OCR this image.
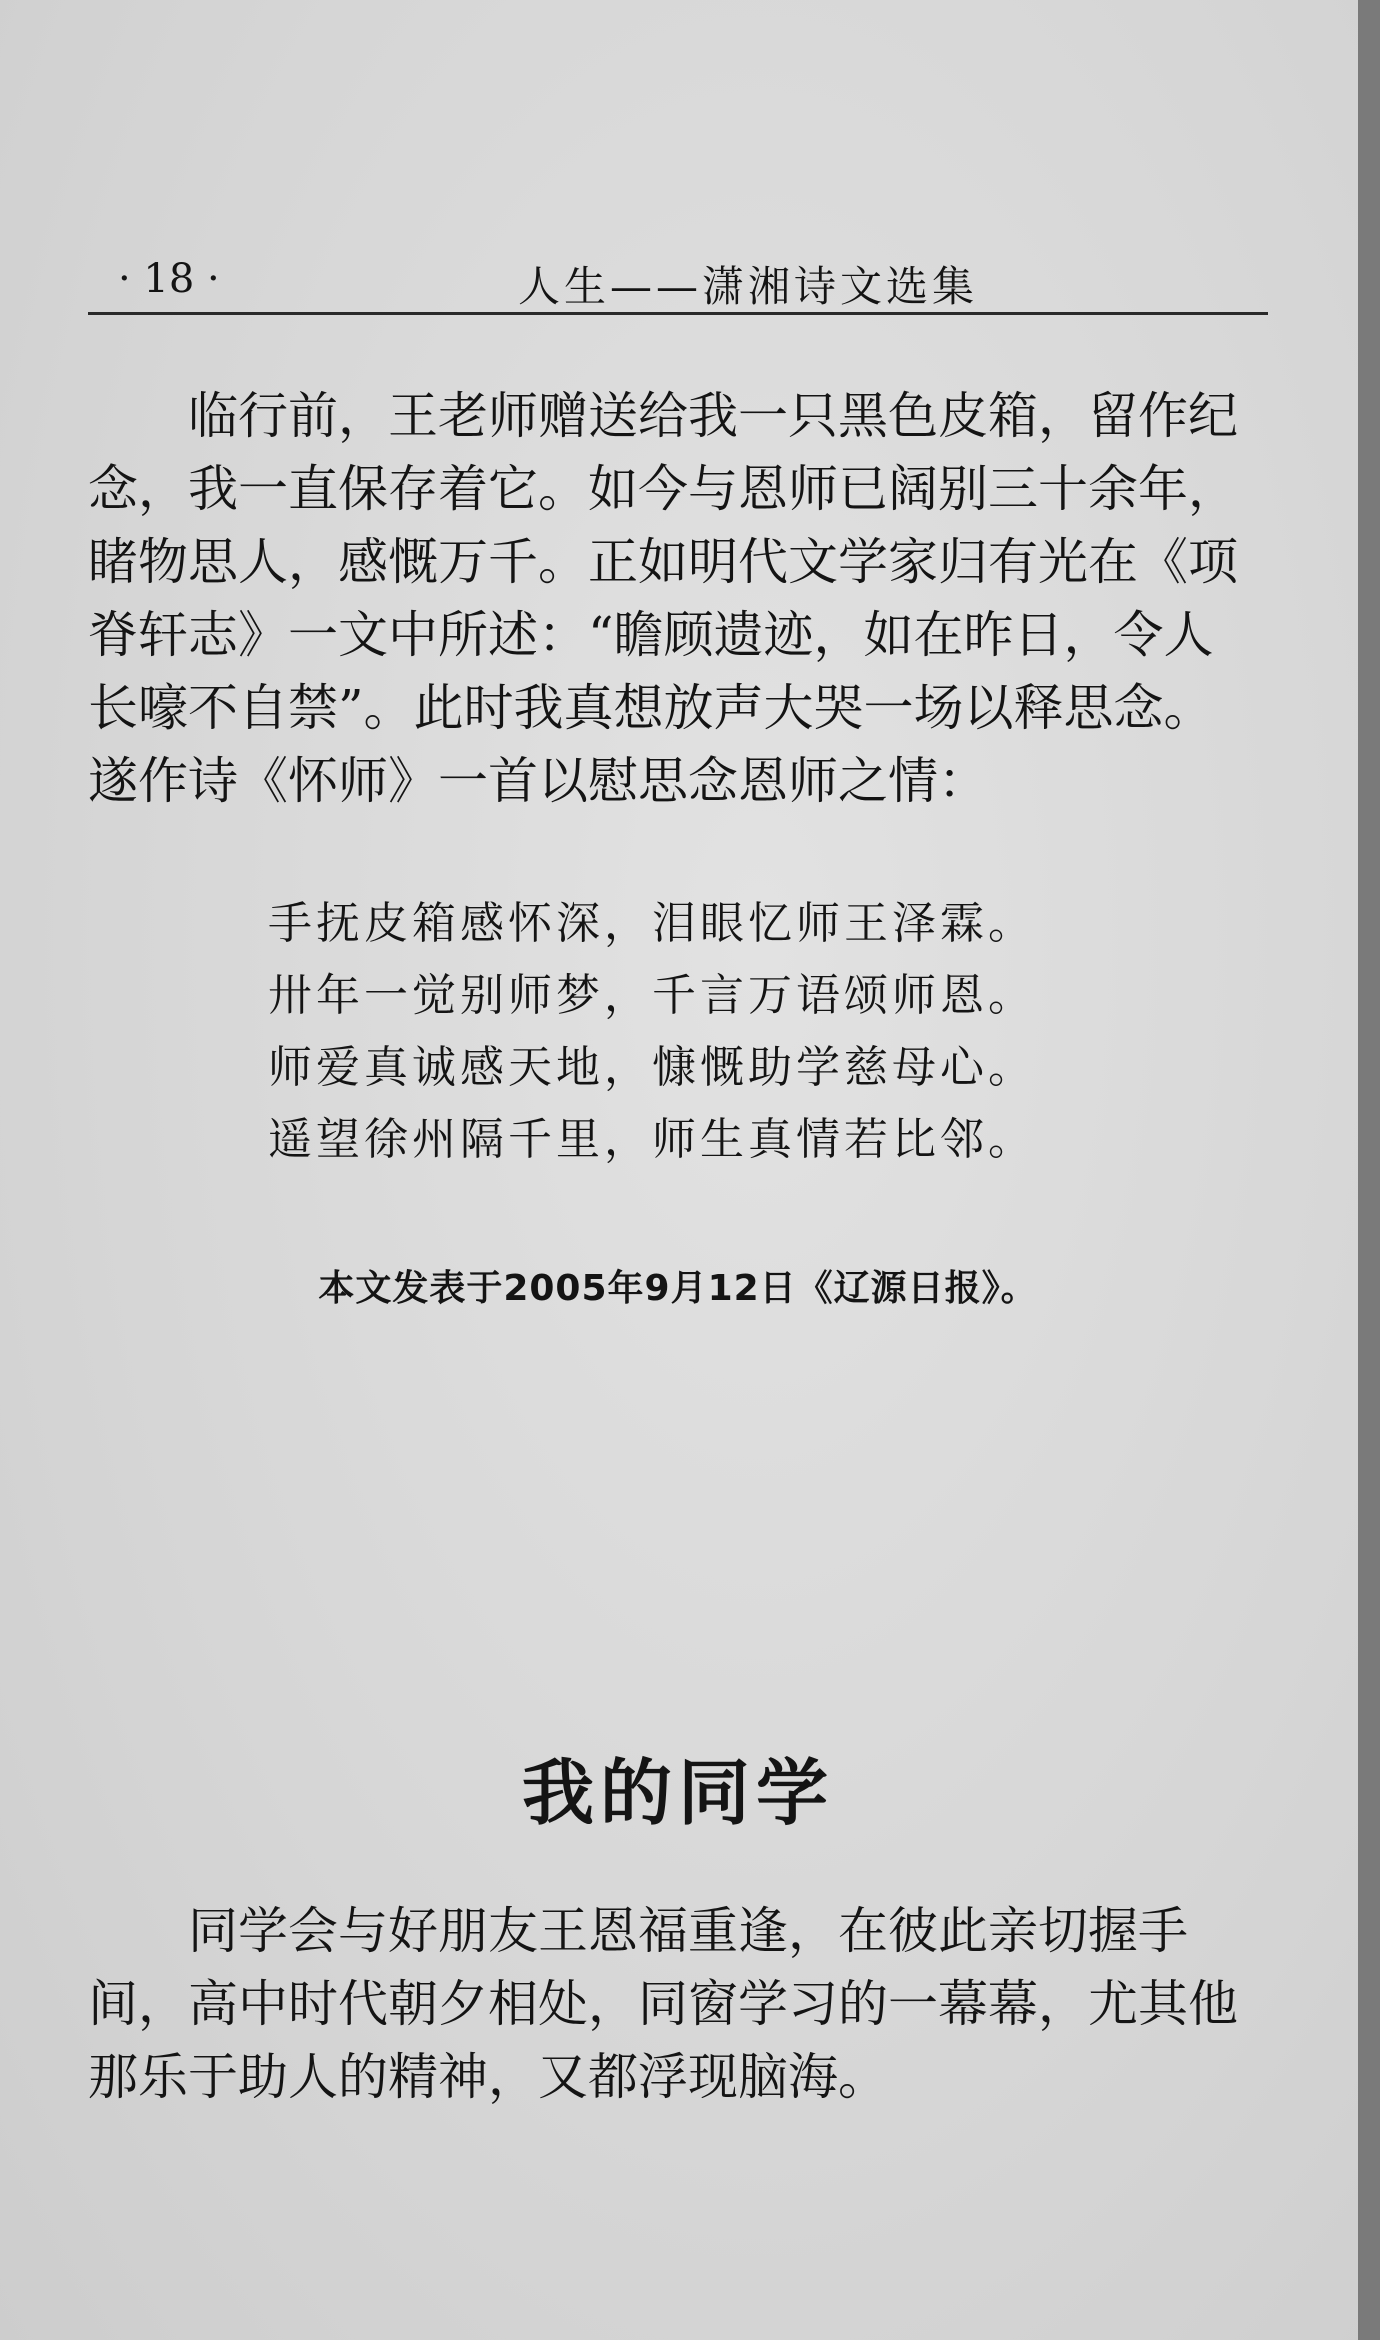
· 18 ·	人生——潇湘诗文选集
临行前，王老师赠送给我一只黑色皮箱，留作纪
念，我一直保存着它。如今与恩师已阔别三十余年，
睹物思人，感慨万千。正如明代文学家归有光在《项
脊轩志》一文中所述：“瞻顾遗迹，如在昨日，令人
长嚎不自禁”。此时我真想放声大哭一场以释思念。
遂作诗《怀师》一首以慰思念恩师之情：
手抚皮箱感怀深，泪眼忆师王泽霖。
卅年一觉别师梦，千言万语颂师恩。
师爱真诚感天地，慷慨助学慈母心。
遥望徐州隔千里，师生真情若比邻。
本文发表于2005年9月12日《辽源日报》。
我的同学
同学会与好朋友王恩福重逢，在彼此亲切握手
间，高中时代朝夕相处，同窗学习的一幕幕，尤其他
那乐于助人的精神，又都浮现脑海。
